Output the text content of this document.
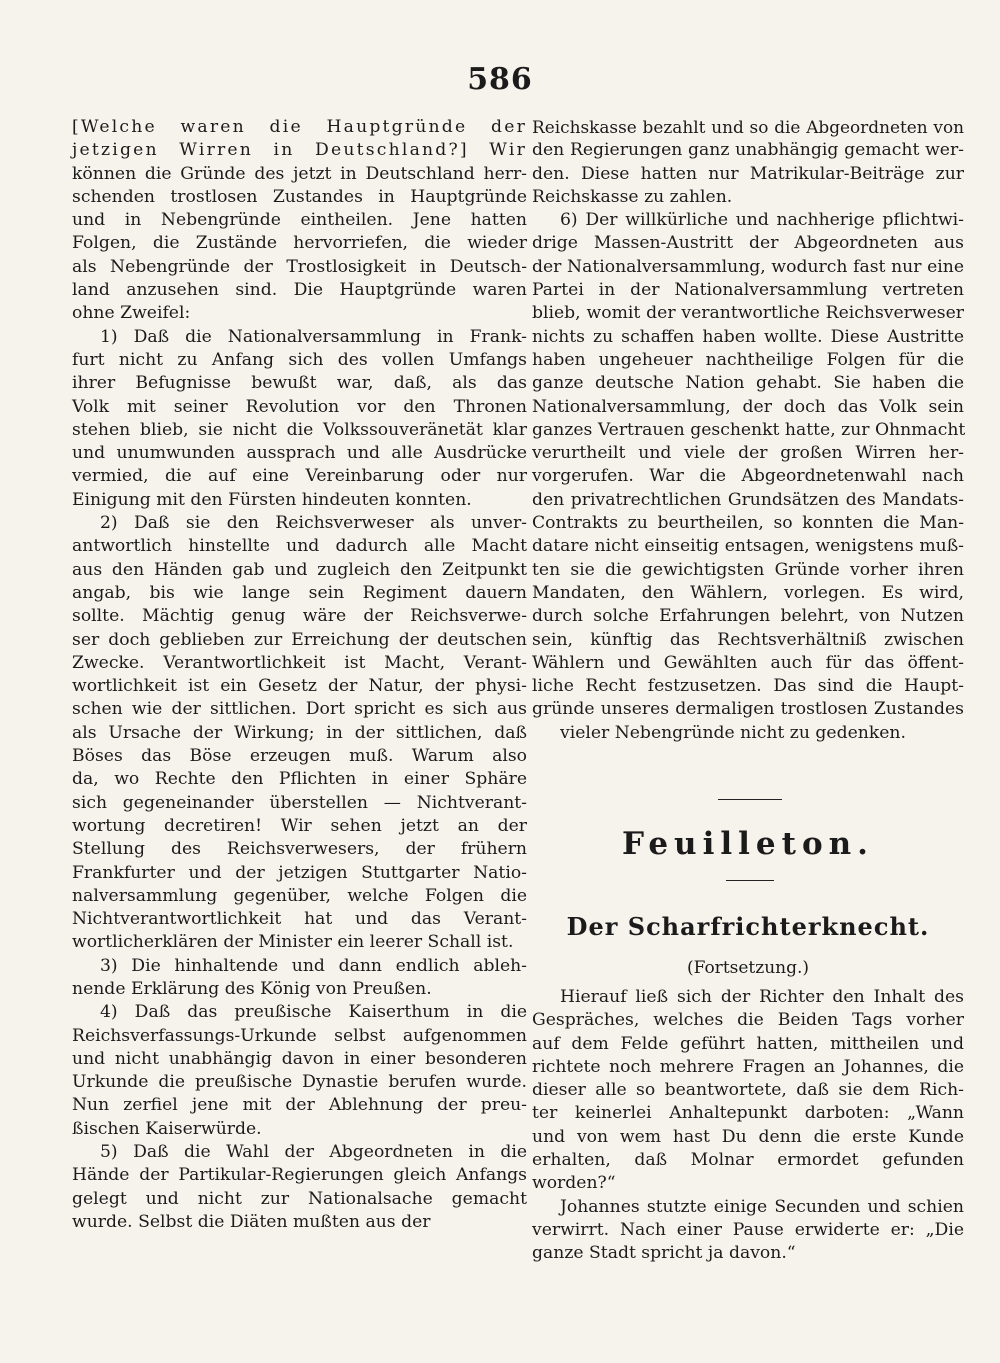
586
[Welche waren die Hauptgründe der
jetzigen Wirren in Deutschland?] Wir
können die Gründe des jetzt in Deutschland herr-
schenden trostlosen Zustandes in Hauptgründe
und in Nebengründe eintheilen. Jene hatten
Folgen, die Zustände hervorriefen, die wieder
als Nebengründe der Trostlosigkeit in Deutsch-
land anzusehen sind. Die Hauptgründe waren
ohne Zweifel:
1) Daß die Nationalversammlung in Frank-
furt nicht zu Anfang sich des vollen Umfangs
ihrer Befugnisse bewußt war, daß, als das
Volk mit seiner Revolution vor den Thronen
stehen blieb, sie nicht die Volkssouveränetät klar
und unumwunden aussprach und alle Ausdrücke
vermied, die auf eine Vereinbarung oder nur
Einigung mit den Fürsten hindeuten konnten.
2) Daß sie den Reichsverweser als unver-
antwortlich hinstellte und dadurch alle Macht
aus den Händen gab und zugleich den Zeitpunkt
angab, bis wie lange sein Regiment dauern
sollte. Mächtig genug wäre der Reichsverwe-
ser doch geblieben zur Erreichung der deutschen
Zwecke. Verantwortlichkeit ist Macht, Verant-
wortlichkeit ist ein Gesetz der Natur, der physi-
schen wie der sittlichen. Dort spricht es sich aus
als Ursache der Wirkung; in der sittlichen, daß
Böses das Böse erzeugen muß. Warum also
da, wo Rechte den Pflichten in einer Sphäre
sich gegeneinander überstellen — Nichtverant-
wortung decretiren! Wir sehen jetzt an der
Stellung des Reichsverwesers, der frühern
Frankfurter und der jetzigen Stuttgarter Natio-
nalversammlung gegenüber, welche Folgen die
Nichtverantwortlichkeit hat und das Verant-
wortlicherklären der Minister ein leerer Schall ist.
3) Die hinhaltende und dann endlich ableh-
nende Erklärung des König von Preußen.
4) Daß das preußische Kaiserthum in die
Reichsverfassungs-Urkunde selbst aufgenommen
und nicht unabhängig davon in einer besonderen
Urkunde die preußische Dynastie berufen wurde.
Nun zerfiel jene mit der Ablehnung der preu-
ßischen Kaiserwürde.
5) Daß die Wahl der Abgeordneten in die
Hände der Partikular-Regierungen gleich Anfangs
gelegt und nicht zur Nationalsache gemacht
wurde. Selbst die Diäten mußten aus der
Reichskasse bezahlt und so die Abgeordneten von
den Regierungen ganz unabhängig gemacht wer-
den. Diese hatten nur Matrikular-Beiträge zur
Reichskasse zu zahlen.
6) Der willkürliche und nachherige pflichtwi-
drige Massen-Austritt der Abgeordneten aus
der Nationalversammlung, wodurch fast nur eine
Partei in der Nationalversammlung vertreten
blieb, womit der verantwortliche Reichsverweser
nichts zu schaffen haben wollte. Diese Austritte
haben ungeheuer nachtheilige Folgen für die
ganze deutsche Nation gehabt. Sie haben die
Nationalversammlung, der doch das Volk sein
ganzes Vertrauen geschenkt hatte, zur Ohnmacht
verurtheilt und viele der großen Wirren her-
vorgerufen. War die Abgeordnetenwahl nach
den privatrechtlichen Grundsätzen des Mandats-
Contrakts zu beurtheilen, so konnten die Man-
datare nicht einseitig entsagen, wenigstens muß-
ten sie die gewichtigsten Gründe vorher ihren
Mandaten, den Wählern, vorlegen. Es wird,
durch solche Erfahrungen belehrt, von Nutzen
sein, künftig das Rechtsverhältniß zwischen
Wählern und Gewählten auch für das öffent-
liche Recht festzusetzen. Das sind die Haupt-
gründe unseres dermaligen trostlosen Zustandes
vieler Nebengründe nicht zu gedenken.
Feuilleton.
Der Scharfrichterknecht.
(Fortsetzung.)
Hierauf ließ sich der Richter den Inhalt des
Gespräches, welches die Beiden Tags vorher
auf dem Felde geführt hatten, mittheilen und
richtete noch mehrere Fragen an Johannes, die
dieser alle so beantwortete, daß sie dem Rich-
ter keinerlei Anhaltepunkt darboten: „Wann
und von wem hast Du denn die erste Kunde
erhalten, daß Molnar ermordet gefunden
worden?“
Johannes stutzte einige Secunden und schien
verwirrt. Nach einer Pause erwiderte er: „Die
ganze Stadt spricht ja davon.“
